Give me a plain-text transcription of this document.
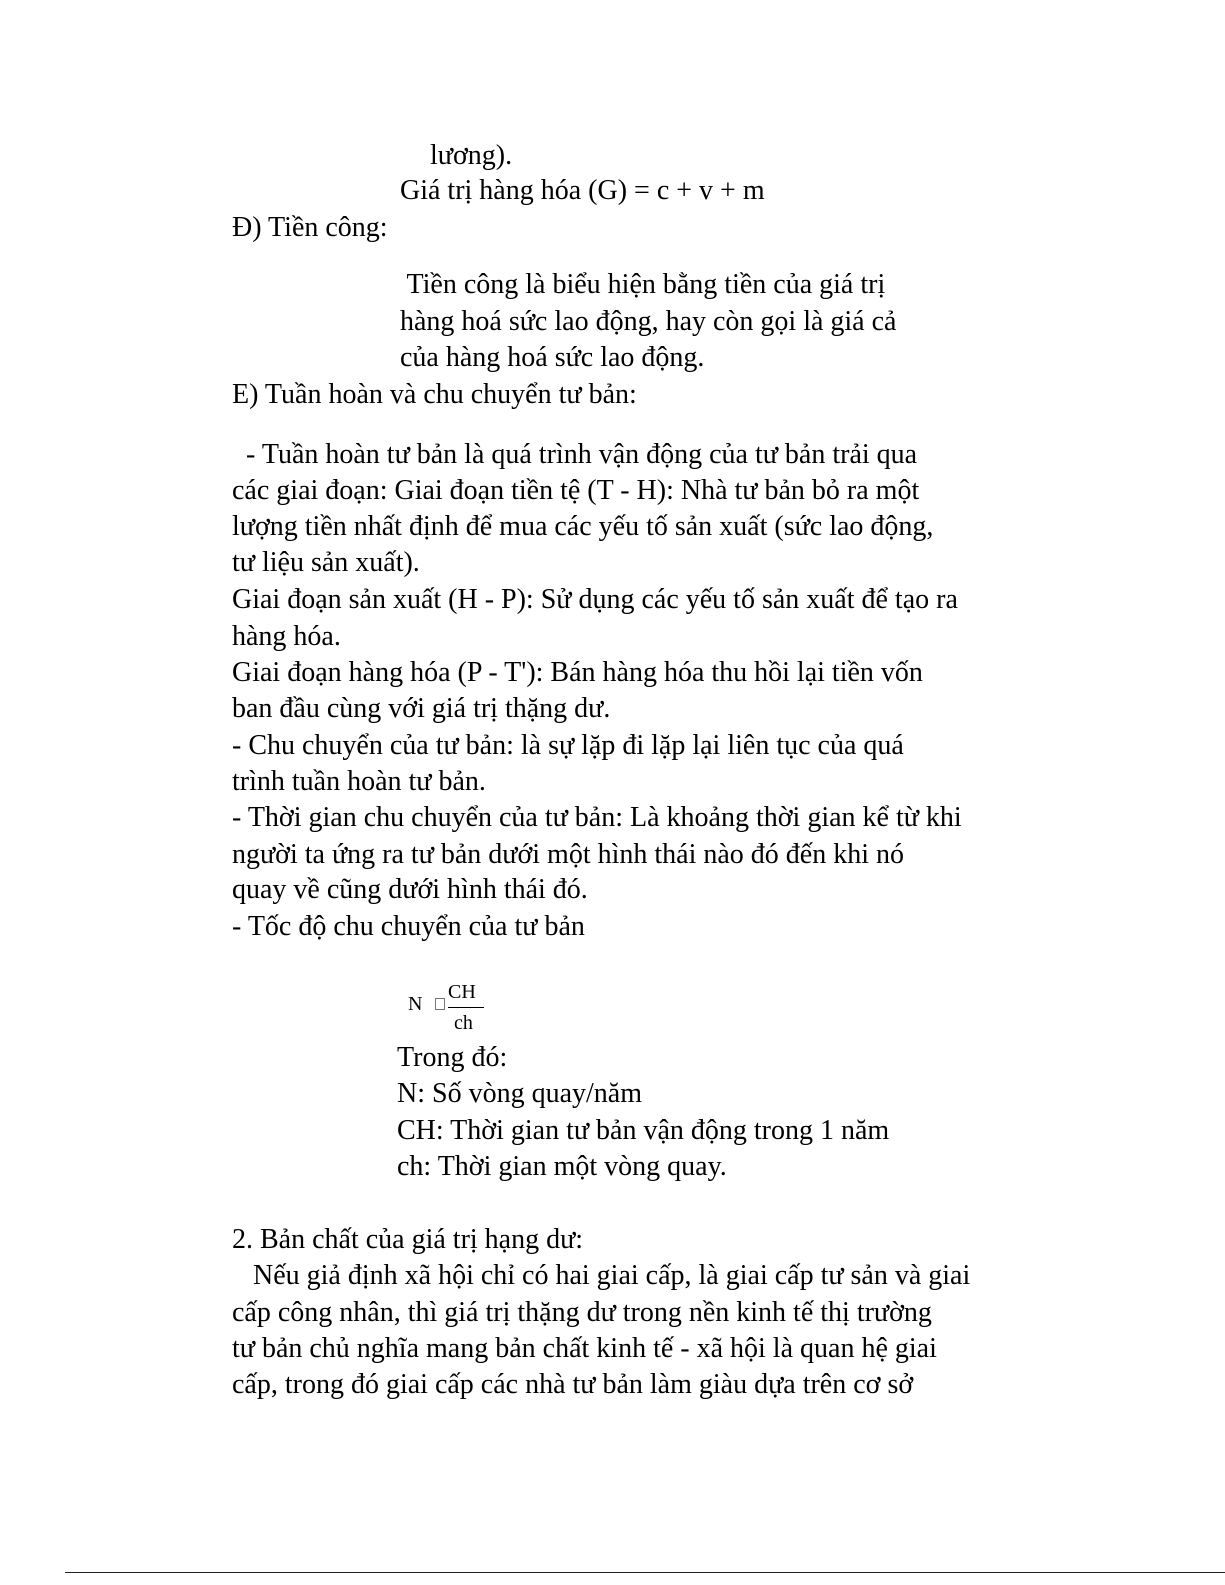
lương).
Giá trị hàng hóa (G) = c + v + m
Đ) Tiền công:
Tiền công là biểu hiện bằng tiền của giá trị
hàng hoá sức lao động, hay còn gọi là giá cả
của hàng hoá sức lao động.
E) Tuần hoàn và chu chuyển tư bản:
- Tuần hoàn tư bản là quá trình vận động của tư bản trải qua
các giai đoạn: Giai đoạn tiền tệ (T - H): Nhà tư bản bỏ ra một
lượng tiền nhất định để mua các yếu tố sản xuất (sức lao động,
tư liệu sản xuất).
Giai đoạn sản xuất (H - P): Sử dụng các yếu tố sản xuất để tạo ra
hàng hóa.
Giai đoạn hàng hóa (P - T'): Bán hàng hóa thu hồi lại tiền vốn
ban đầu cùng với giá trị thặng dư.
- Chu chuyển của tư bản: là sự lặp đi lặp lại liên tục của quá
trình tuần hoàn tư bản.
- Thời gian chu chuyển của tư bản: Là khoảng thời gian kể từ khi
người ta ứng ra tư bản dưới một hình thái nào đó đến khi nó
quay về cũng dưới hình thái đó.
- Tốc độ chu chuyển của tư bản
N
CH
ch
Trong đó:
N: Số vòng quay/năm
CH: Thời gian tư bản vận động trong 1 năm
ch: Thời gian một vòng quay.
2. Bản chất của giá trị hạng dư:
Nếu giả định xã hội chỉ có hai giai cấp, là giai cấp tư sản và giai
cấp công nhân, thì giá trị thặng dư trong nền kinh tế thị trường
tư bản chủ nghĩa mang bản chất kinh tế - xã hội là quan hệ giai
cấp, trong đó giai cấp các nhà tư bản làm giàu dựa trên cơ sở
